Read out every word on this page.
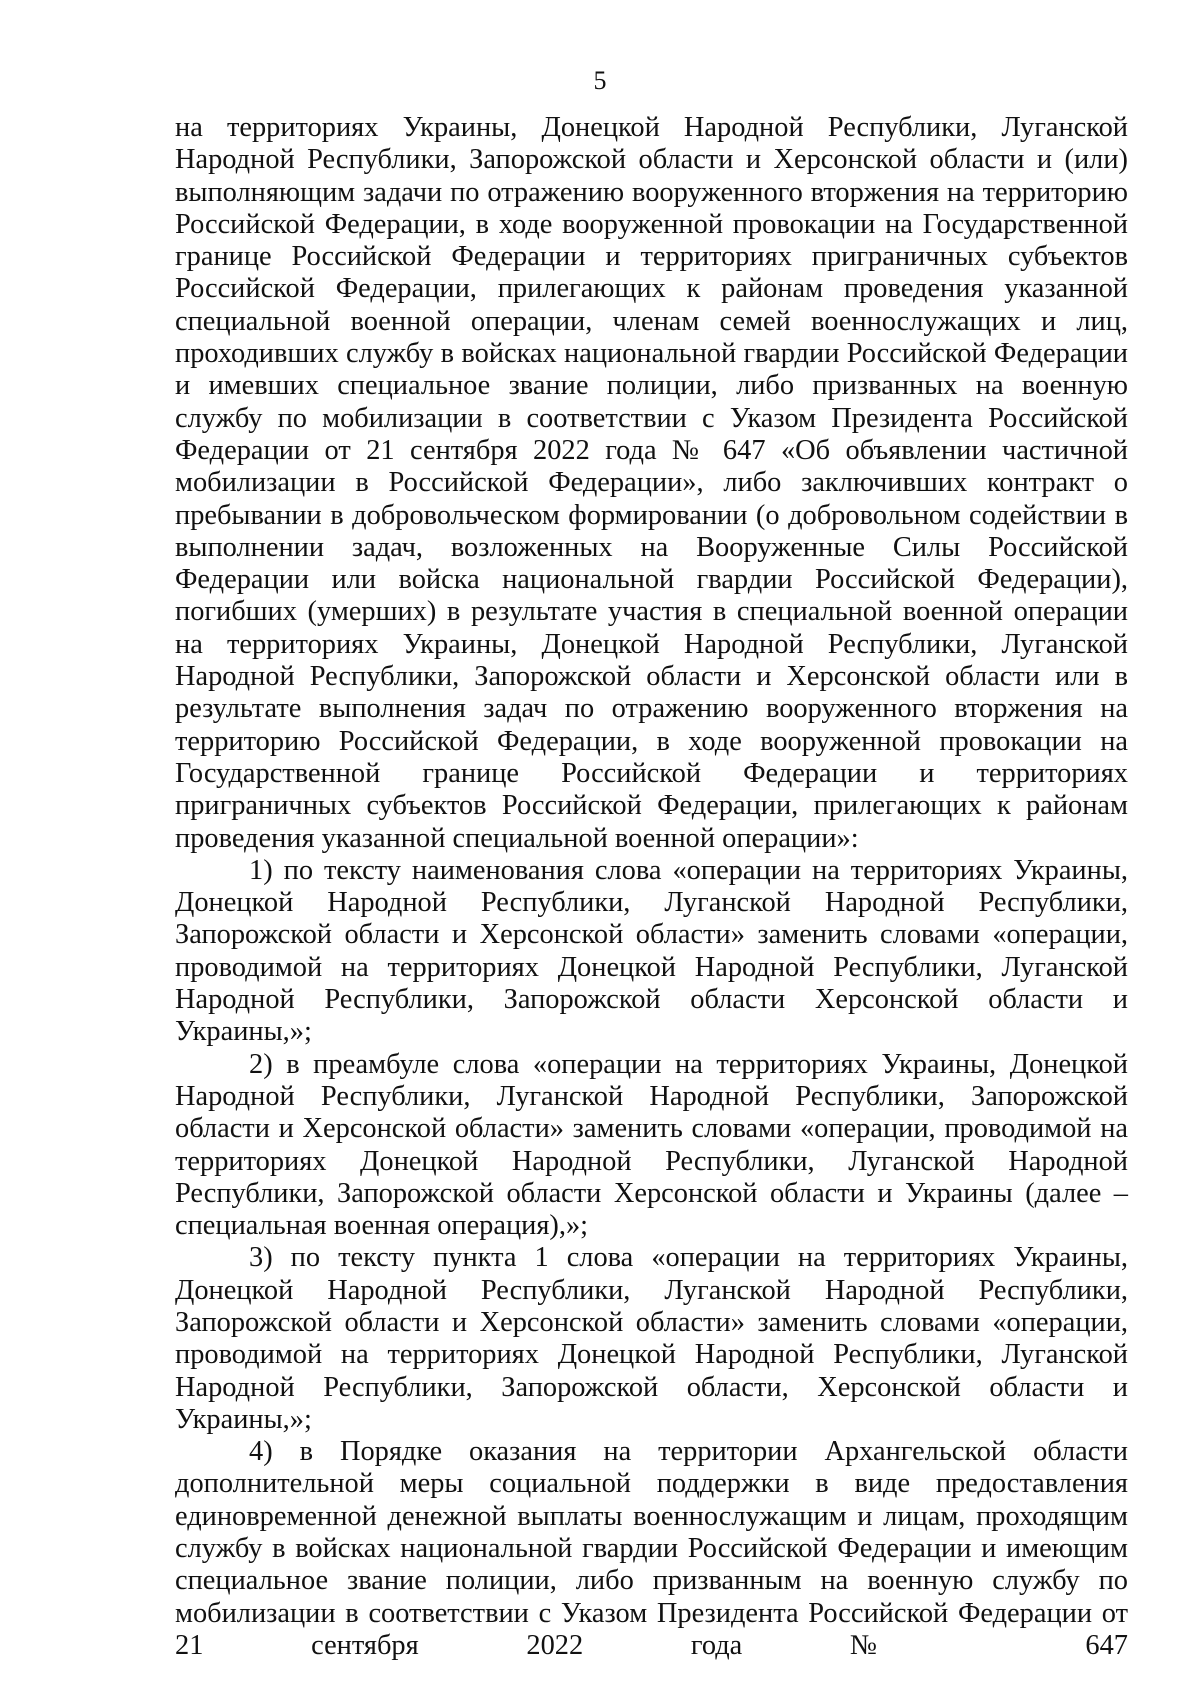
5

на территориях Украины, Донецкой Народной Республики, Луганской Народной Республики, Запорожской области и Херсонской области и (или) выполняющим задачи по отражению вооруженного вторжения на территорию Российской Федерации, в ходе вооруженной провокации на Государственной границе Российской Федерации и территориях приграничных субъектов Российской Федерации, прилегающих к районам проведения указанной специальной военной операции, членам семей военнослужащих и лиц, проходивших службу в войсках национальной гвардии Российской Федерации и имевших специальное звание полиции, либо призванных на военную службу по мобилизации в соответствии с Указом Президента Российской Федерации от 21 сентября 2022 года № 647 «Об объявлении частичной мобилизации в Российской Федерации», либо заключивших контракт о пребывании в добровольческом формировании (о добровольном содействии в выполнении задач, возложенных на Вооруженные Силы Российской Федерации или войска национальной гвардии Российской Федерации), погибших (умерших) в результате участия в специальной военной операции на территориях Украины, Донецкой Народной Республики, Луганской Народной Республики, Запорожской области и Херсонской области или в результате выполнения задач по отражению вооруженного вторжения на территорию Российской Федерации, в ходе вооруженной провокации на Государственной границе Российской Федерации и территориях приграничных субъектов Российской Федерации, прилегающих к районам проведения указанной специальной военной операции»:

1) по тексту наименования слова «операции на территориях Украины, Донецкой Народной Республики, Луганской Народной Республики, Запорожской области и Херсонской области» заменить словами «операции, проводимой на территориях Донецкой Народной Республики, Луганской Народной Республики, Запорожской области Херсонской области и Украины,»;

2) в преамбуле слова «операции на территориях Украины, Донецкой Народной Республики, Луганской Народной Республики, Запорожской области и Херсонской области» заменить словами «операции, проводимой на территориях Донецкой Народной Республики, Луганской Народной Республики, Запорожской области Херсонской области и Украины (далее – специальная военная операция),»;

3) по тексту пункта 1 слова «операции на территориях Украины, Донецкой Народной Республики, Луганской Народной Республики, Запорожской области и Херсонской области» заменить словами «операции, проводимой на территориях Донецкой Народной Республики, Луганской Народной Республики, Запорожской области, Херсонской области и Украины,»;

4) в Порядке оказания на территории Архангельской области дополнительной меры социальной поддержки в виде предоставления единовременной денежной выплаты военнослужащим и лицам, проходящим службу в войсках национальной гвардии Российской Федерации и имеющим специальное звание полиции, либо призванным на военную службу по мобилизации в соответствии с Указом Президента Российской Федерации от 21 сентября 2022 года № 647
